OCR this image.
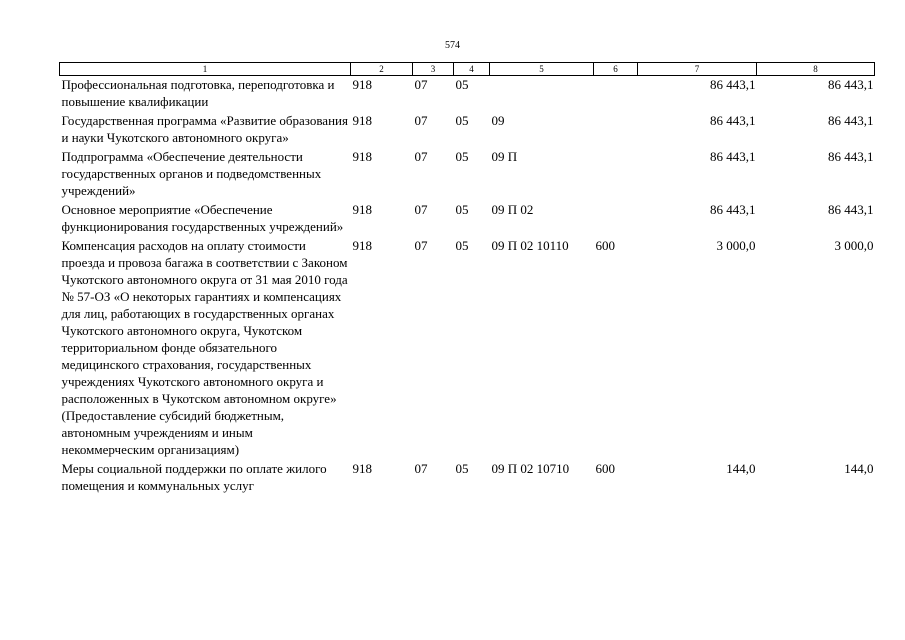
574
1	2	3	4	5	6	7	8
Профессиональная подготовка, переподготовка и повышение квалификации	918	07	05			86 443,1	86 443,1
Государственная программа «Развитие образования и науки Чукотского автономного округа»	918	07	05	09		86 443,1	86 443,1
Подпрограмма «Обеспечение деятельности государственных органов и подведомственных учреждений»	918	07	05	09 П		86 443,1	86 443,1
Основное мероприятие «Обеспечение функционирования государственных учреждений»	918	07	05	09 П 02		86 443,1	86 443,1
Компенсация расходов на оплату стоимости проезда и провоза багажа в соответствии с Законом Чукотского автономного округа от 31 мая 2010 года № 57-ОЗ «О некоторых гарантиях и компенсациях для лиц, работающих в государственных органах Чукотского автономного округа, Чукотском территориальном фонде обязательного медицинского страхования, государственных учреждениях Чукотского автономного округа и расположенных в Чукотском автономном округе» (Предоставление субсидий бюджетным, автономным учреждениям и иным некоммерческим организациям)	918	07	05	09 П 02 10110	600	3 000,0	3 000,0
Меры социальной поддержки по оплате жилого помещения и коммунальных услуг	918	07	05	09 П 02 10710	600	144,0	144,0
